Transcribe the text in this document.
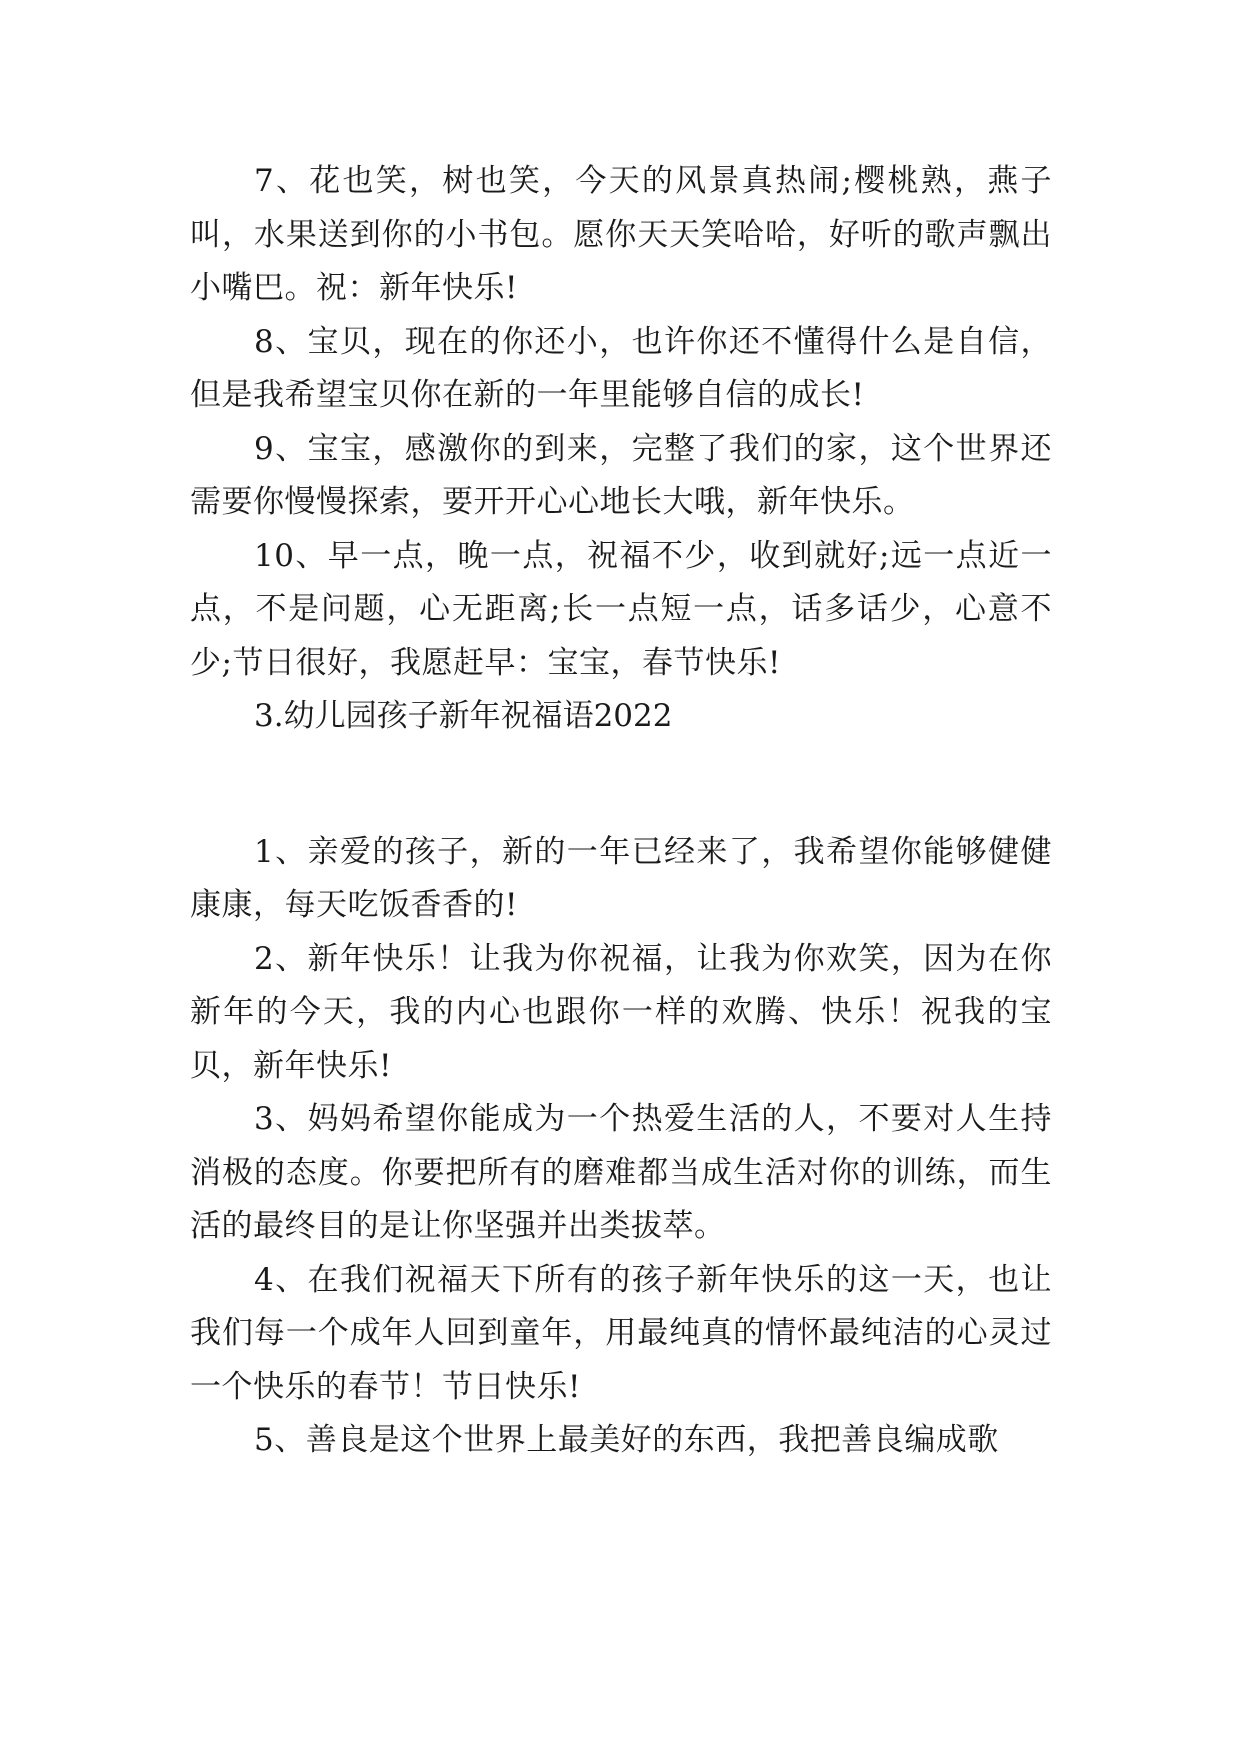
7、花也笑，树也笑，今天的风景真热闹;樱桃熟，燕子叫，水果送到你的小书包。愿你天天笑哈哈，好听的歌声飘出小嘴巴。祝：新年快乐!

8、宝贝，现在的你还小，也许你还不懂得什么是自信，但是我希望宝贝你在新的一年里能够自信的成长!

9、宝宝，感激你的到来，完整了我们的家，这个世界还需要你慢慢探索，要开开心心地长大哦，新年快乐。

10、早一点，晚一点，祝福不少，收到就好;远一点近一点，不是问题，心无距离;长一点短一点，话多话少，心意不少;节日很好，我愿赶早：宝宝，春节快乐!

3.幼儿园孩子新年祝福语2022

1、亲爱的孩子，新的一年已经来了，我希望你能够健健康康，每天吃饭香香的!

2、新年快乐！让我为你祝福，让我为你欢笑，因为在你新年的今天，我的内心也跟你一样的欢腾、快乐！祝我的宝贝，新年快乐!

3、妈妈希望你能成为一个热爱生活的人，不要对人生持消极的态度。你要把所有的磨难都当成生活对你的训练，而生活的最终目的是让你坚强并出类拔萃。

4、在我们祝福天下所有的孩子新年快乐的这一天，也让我们每一个成年人回到童年，用最纯真的情怀最纯洁的心灵过一个快乐的春节！节日快乐!

5、善良是这个世界上最美好的东西，我把善良编成歌
